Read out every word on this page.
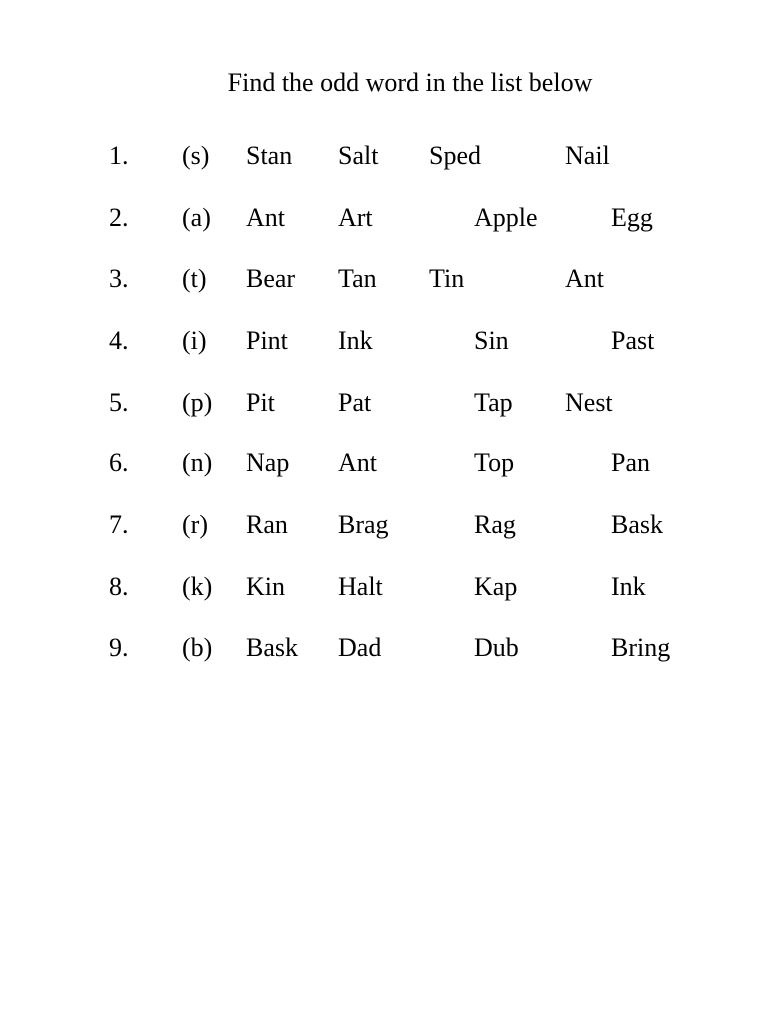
Find the odd word in the list below
1. (s) Stan Salt Sped	Nail
2. (a) Ant Art	Apple	Egg
3. (t) Bear Tan Tin	Ant
4. (i) Pint Ink	Sin	Past
5. (p) Pit Pat	Tap Nest
6. (n) Nap Ant	Top	Pan
7. (r) Ran Brag	Rag	Bask
8. (k) Kin Halt	Kap	Ink
9. (b) Bask Dad	Dub	Bring
